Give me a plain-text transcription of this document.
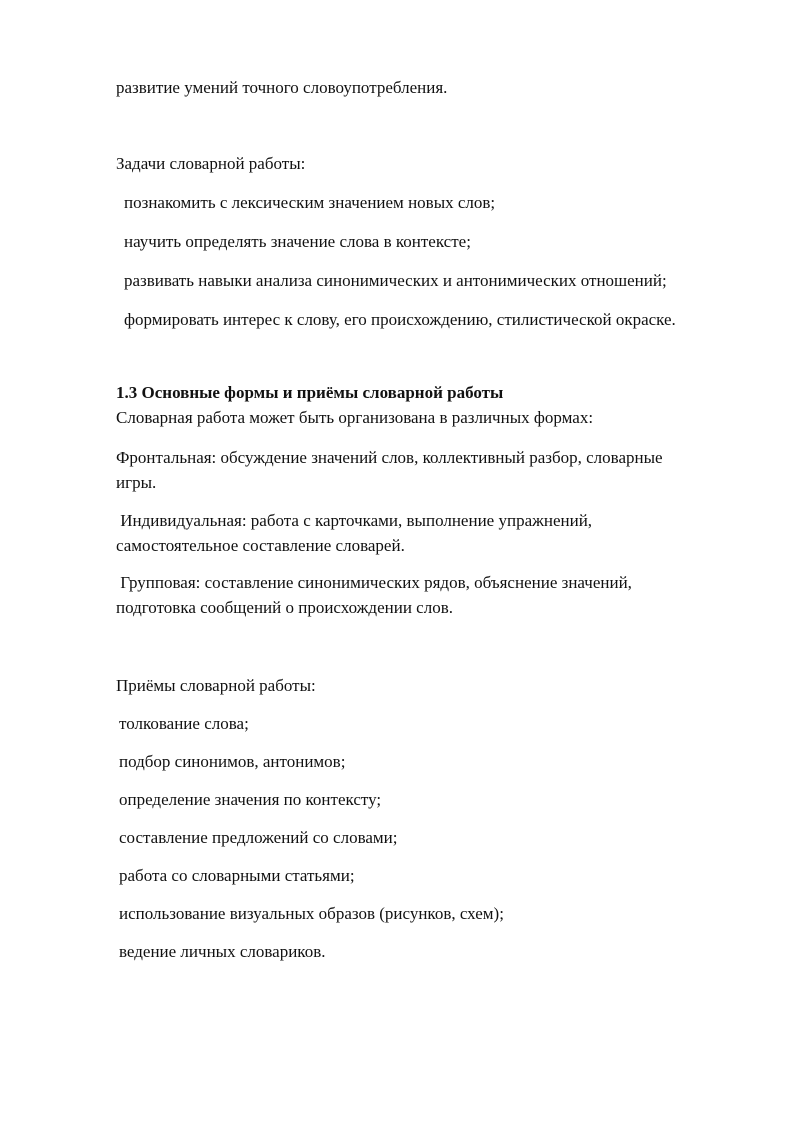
развитие умений точного словоупотребления.
Задачи словарной работы:
познакомить с лексическим значением новых слов;
научить определять значение слова в контексте;
развивать навыки анализа синонимических и антонимических отношений;
формировать интерес к слову, его происхождению, стилистической окраске.
1.3 Основные формы и приёмы словарной работы
Словарная работа может быть организована в различных формах:
Фронтальная: обсуждение значений слов, коллективный разбор, словарные
игры.
Индивидуальная: работа с карточками, выполнение упражнений,
самостоятельное составление словарей.
Групповая: составление синонимических рядов, объяснение значений,
подготовка сообщений о происхождении слов.
Приёмы словарной работы:
толкование слова;
подбор синонимов, антонимов;
определение значения по контексту;
составление предложений со словами;
работа со словарными статьями;
использование визуальных образов (рисунков, схем);
ведение личных словариков.
